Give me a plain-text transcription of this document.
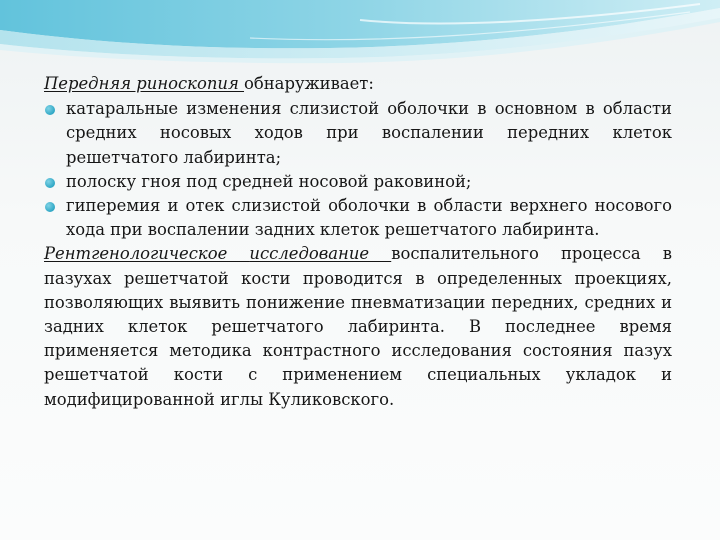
Передняя риноскопия обнаруживает:

катаральные изменения слизистой оболочки в основном в области средних носовых ходов при воспалении передних клеток решетчатого лабиринта;
полоску гноя под средней носовой раковиной;
гиперемия и отек слизистой оболочки в области верхнего носового хода при воспалении задних клеток решетчатого лабиринта.

Рентгенологическое исследование воспалительного процесса в пазухах решетчатой кости проводится в определенных проекциях, позволяющих выявить понижение пневматизации передних, средних и задних клеток решетчатого лабиринта. В последнее время применяется методика контрастного исследования состояния пазух решетчатой кости с применением специальных укладок и модифицированной иглы Куликовского.
